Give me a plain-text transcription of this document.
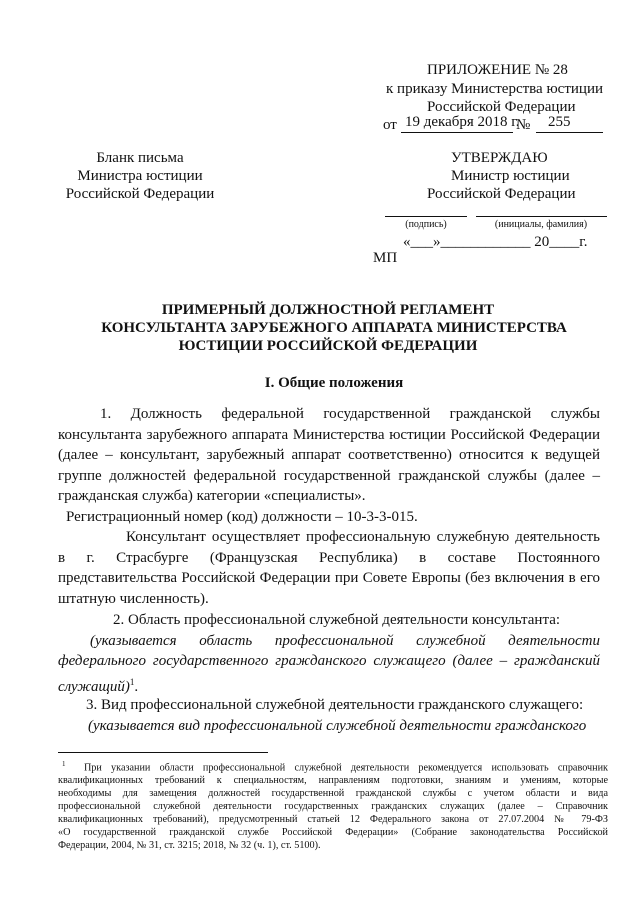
ПРИЛОЖЕНИЕ № 28
к приказу Министерства юстиции
Российской Федерации
от 19 декабря 2018 г.
№ 255
Бланк письма
Министра юстиции
Российской Федерации
УТВЕРЖДАЮ
Министр юстиции
Российской Федерации
(подпись)	(инициалы, фамилия)
«___»____________ 20____г.
МП
ПРИМЕРНЫЙ ДОЛЖНОСТНОЙ РЕГЛАМЕНТ
КОНСУЛЬТАНТА ЗАРУБЕЖНОГО АППАРАТА МИНИСТЕРСТВА
ЮСТИЦИИ РОССИЙСКОЙ ФЕДЕРАЦИИ
I. Общие положения
1. Должность федеральной государственной гражданской службы
консультанта зарубежного аппарата Министерства юстиции Российской Федерации
(далее – консультант, зарубежный аппарат соответственно) относится к ведущей
группе должностей федеральной государственной гражданской службы (далее –
гражданская служба) категории «специалисты».
Регистрационный номер (код) должности – 10-3-3-015.
Консультант осуществляет профессиональную служебную деятельность
в г. Страсбурге (Французская Республика) в составе Постоянного
представительства Российской Федерации при Совете Европы (без включения в его
штатную численность).
2. Область профессиональной служебной деятельности консультанта:
(указывается область профессиональной служебной деятельности
федерального государственного гражданского служащего (далее – гражданский
служащий)$^1$.
3. Вид профессиональной служебной деятельности гражданского служащего:
(указывается вид профессиональной служебной деятельности гражданского
$^1$ При указании области профессиональной служебной деятельности рекомендуется использовать справочник
квалификационных требований к специальностям, направлениям подготовки, знаниям и умениям, которые
необходимы для замещения должностей государственной гражданской службы с учетом области и вида
профессиональной служебной деятельности государственных гражданских служащих (далее – Справочник
квалификационных требований), предусмотренный статьей 12 Федерального закона от 27.07.2004 № 79-ФЗ
«О государственной гражданской службе Российской Федерации» (Собрание законодательства Российской
Федерации, 2004, № 31, ст. 3215; 2018, № 32 (ч. 1), ст. 5100).
